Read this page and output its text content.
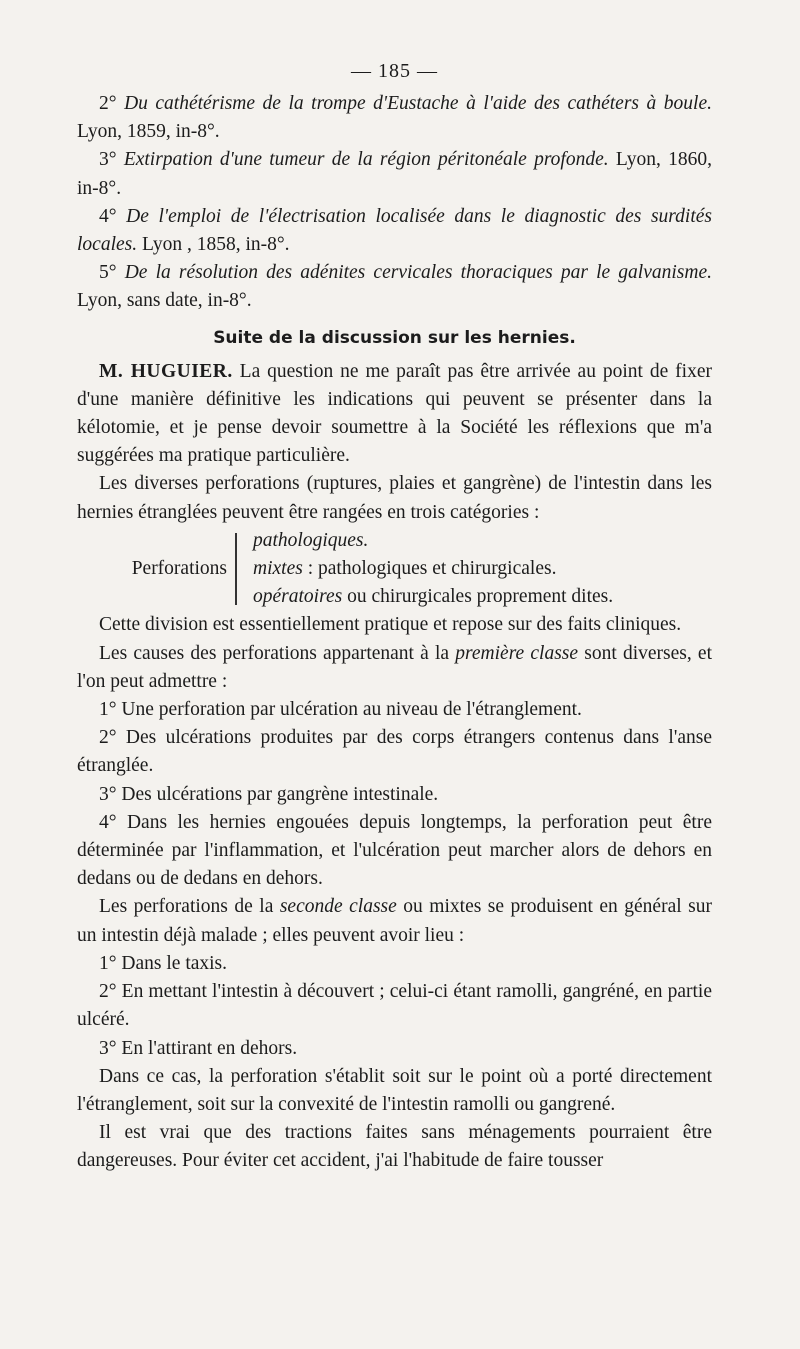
— 185 —

2° Du cathétérisme de la trompe d'Eustache à l'aide des cathéters à boule. Lyon, 1859, in-8°.

3° Extirpation d'une tumeur de la région péritonéale profonde. Lyon, 1860, in-8°.

4° De l'emploi de l'électrisation localisée dans le diagnostic des surdités locales. Lyon , 1858, in-8°.

5° De la résolution des adénites cervicales thoraciques par le galvanisme. Lyon, sans date, in-8°.

Suite de la discussion sur les hernies.

M. HUGUIER. La question ne me paraît pas être arrivée au point de fixer d'une manière définitive les indications qui peuvent se présenter dans la kélotomie, et je pense devoir soumettre à la Société les réflexions que m'a suggérées ma pratique particulière.

Les diverses perforations (ruptures, plaies et gangrène) de l'intestin dans les hernies étranglées peuvent être rangées en trois catégories :

Perforations
pathologiques.
mixtes : pathologiques et chirurgicales.
opératoires ou chirurgicales proprement dites.

Cette division est essentiellement pratique et repose sur des faits cliniques.

Les causes des perforations appartenant à la première classe sont diverses, et l'on peut admettre :

1° Une perforation par ulcération au niveau de l'étranglement.

2° Des ulcérations produites par des corps étrangers contenus dans l'anse étranglée.

3° Des ulcérations par gangrène intestinale.

4° Dans les hernies engouées depuis longtemps, la perforation peut être déterminée par l'inflammation, et l'ulcération peut marcher alors de dehors en dedans ou de dedans en dehors.

Les perforations de la seconde classe ou mixtes se produisent en général sur un intestin déjà malade ; elles peuvent avoir lieu :

1° Dans le taxis.

2° En mettant l'intestin à découvert ; celui-ci étant ramolli, gangréné, en partie ulcéré.

3° En l'attirant en dehors.

Dans ce cas, la perforation s'établit soit sur le point où a porté directement l'étranglement, soit sur la convexité de l'intestin ramolli ou gangrené.

Il est vrai que des tractions faites sans ménagements pourraient être dangereuses. Pour éviter cet accident, j'ai l'habitude de faire tousser
